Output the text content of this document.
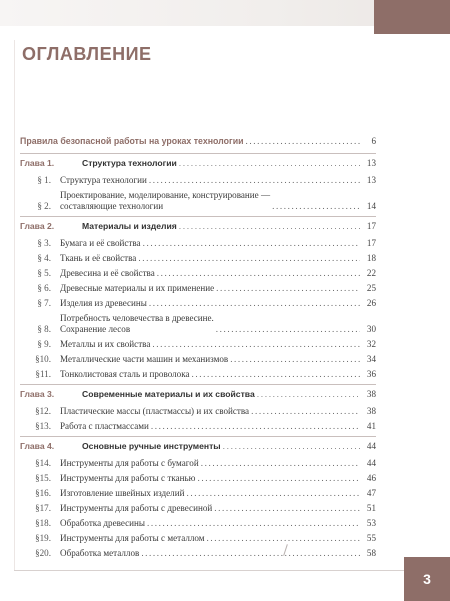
ОГЛАВЛЕНИЕ
Правила безопасной работы на уроках технологии .....	6
Глава 1.	Структура технологии .....	13
§ 1. Структура технологии .....	13
§ 2.
Проектирование, моделирование, конструирование —
составляющие технологии .....	14
Глава 2.	Материалы и изделия .....	17
§ 3. Бумага и её свойства .....	17
§ 4. Ткань и её свойства .....	18
§ 5. Древесина и её свойства .....	22
§ 6. Древесные материалы и их применение .....	25
§ 7. Изделия из древесины .....	26
§ 8.
Потребность человечества в древесине.
Сохранение лесов .....	30
§ 9. Металлы и их свойства .....	32
§10. Металлические части машин и механизмов .....	34
§11. Тонколистовая сталь и проволока .....	36
Глава 3.	Современные материалы и их свойства .....	38
§12. Пластические массы (пластмассы) и их свойства .....	38
§13. Работа с пластмассами .....	41
Глава 4.	Основные ручные инструменты .....	44
§14. Инструменты для работы с бумагой .....	44
§15. Инструменты для работы с тканью .....	46
§16. Изготовление швейных изделий .....	47
§17. Инструменты для работы с древесиной .....	51
§18. Обработка древесины .....	53
§19. Инструменты для работы с металлом .....	55
§20. Обработка металлов .....	58
3
